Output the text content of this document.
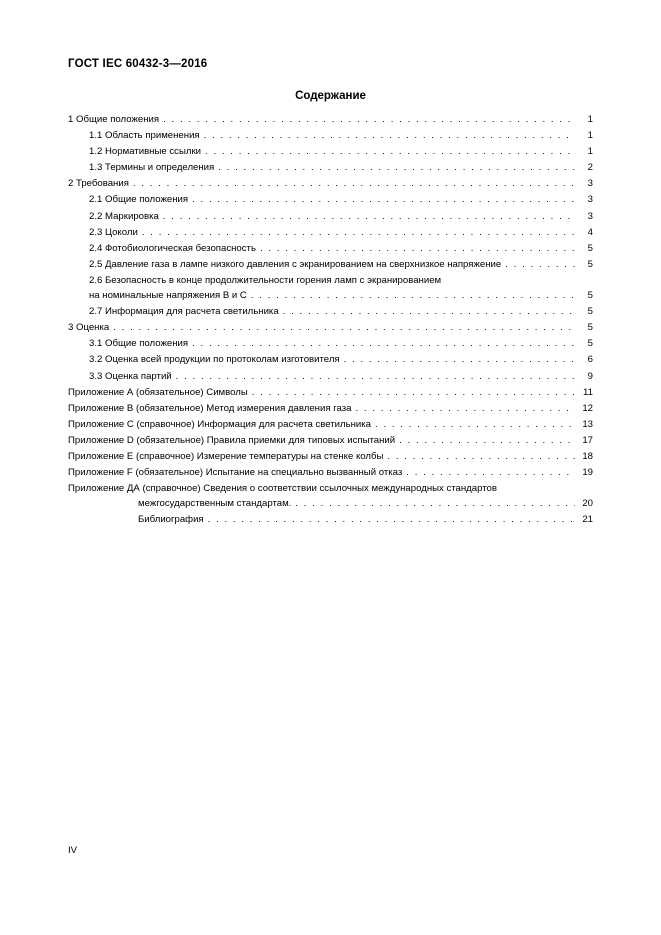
ГОСТ IEC 60432-3—2016
Содержание
1 Общие положения . . .	1
1.1 Область применения . . .	1
1.2 Нормативные ссылки . . .	1
1.3 Термины и определения . . .	2
2 Требования . . .	3
2.1 Общие положения . . .	3
2.2 Маркировка . . .	3
2.3 Цоколи . . .	4
2.4 Фотобиологическая безопасность . . .	5
2.5 Давление газа в лампе низкого давления с экранированием на сверхнизкое напряжение . . .	5
2.6 Безопасность в конце продолжительности горения ламп с экранированием
на номинальные напряжения В и С . . .	5
2.7 Информация для расчета светильника . . .	5
3 Оценка . . .	5
3.1 Общие положения . . .	5
3.2 Оценка всей продукции по протоколам изготовителя . . .	6
3.3 Оценка партий . . .	9
Приложение А (обязательное) Символы . . .	11
Приложение В (обязательное) Метод измерения давления газа . . .	12
Приложение С (справочное) Информация для расчета светильника . . .	13
Приложение D (обязательное) Правила приемки для типовых испытаний . . .	17
Приложение Е (справочное) Измерение температуры на стенке колбы . . .	18
Приложение F (обязательное) Испытание на специально вызванный отказ . . .	19
Приложение ДА (справочное) Сведения о соответствии ссылочных международных стандартов
межгосударственным стандартам. . . .	20
Библиография . . .	21
IV
